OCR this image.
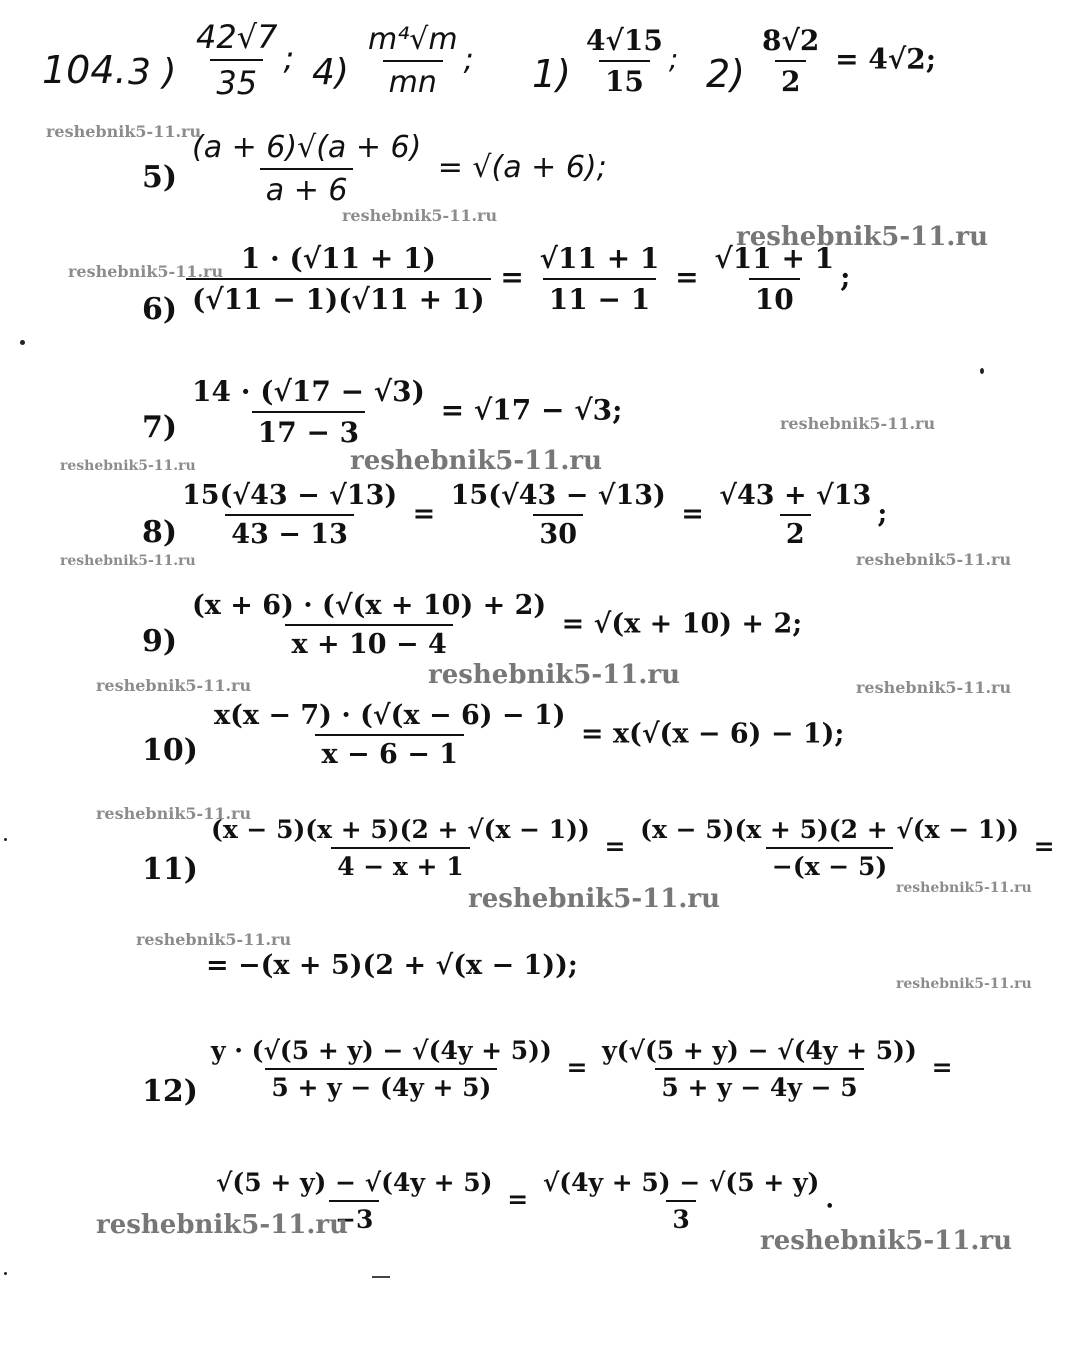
104. 3 ) $\frac{42√7}{35}$ ; $4) \frac{\text{m⁴√m}}{mn}$ ; $1) \frac{4√15}{15}$ ; $2) \frac{8√2}{2} = 4√2$;
$5) \frac{(a + 6)√(a + 6)}{a + 6} = √(a + 6)$;
$6) \frac{1 \cdot (√11 + 1)}{(√11 - 1)(√11 + 1)} = \frac{√11 + 1}{11 - 1} = \frac{√11 + 1}{10}$ ;
$7) \frac{14 \cdot (√17 - √3)}{17 - 3} = √17 - √3$;
8)
$\frac{15(√43 - √13)}{43 - 13} = \frac{15(√43 - √13)}{30} = \frac{√43 + √13}{2}$ ;
$9) \frac{(x + 6) \cdot (√(x + 10) + 2)}{x + 10 - 4} = √(x + 10) + 2$;
$10) \frac{x(x - 7) \cdot (√(x - 6) - 1)}{x - 6 - 1} = x(√(x - 6) - 1)$;
$11) \frac{(x - 5)(x + 5)(2 + √(x - 1))}{4 - x + 1} = \frac{(x - 5)(x + 5)(2 + √(x - 1))}{-(x - 5)}$ =
= −(x + 5)(2 + √(x − 1));
$12) \frac{y \cdot (√(5 + y) - √(4y + 5))}{5 + y - (4y + 5)} = \frac{y(√(5 + y) - √(4y + 5))}{5 + y - 4y - 5}$ =
$\frac{√(5 + y) - √(4y + 5)}{-3} = \frac{√(4y + 5) - √(5 + y)}{3}$ .
reshebnik5-11.ru
reshebnik5-11.ru
reshebnik5-11.ru
reshebnik5-11.ru
reshebnik5-11.ru
reshebnik5-11.ru	reshebnik5-11.ru
reshebnik5-11.ru	reshebnik5-11.ru
reshebnik5-11.ru	reshebnik5-11.ru	reshebnik5-11.ru
reshebnik5-11.ru
reshebnik5-11.ru	reshebnik5-11.ru
reshebnik5-11.ru
reshebnik5-11.ru
reshebnik5-11.ru
reshebnik5-11.ru
